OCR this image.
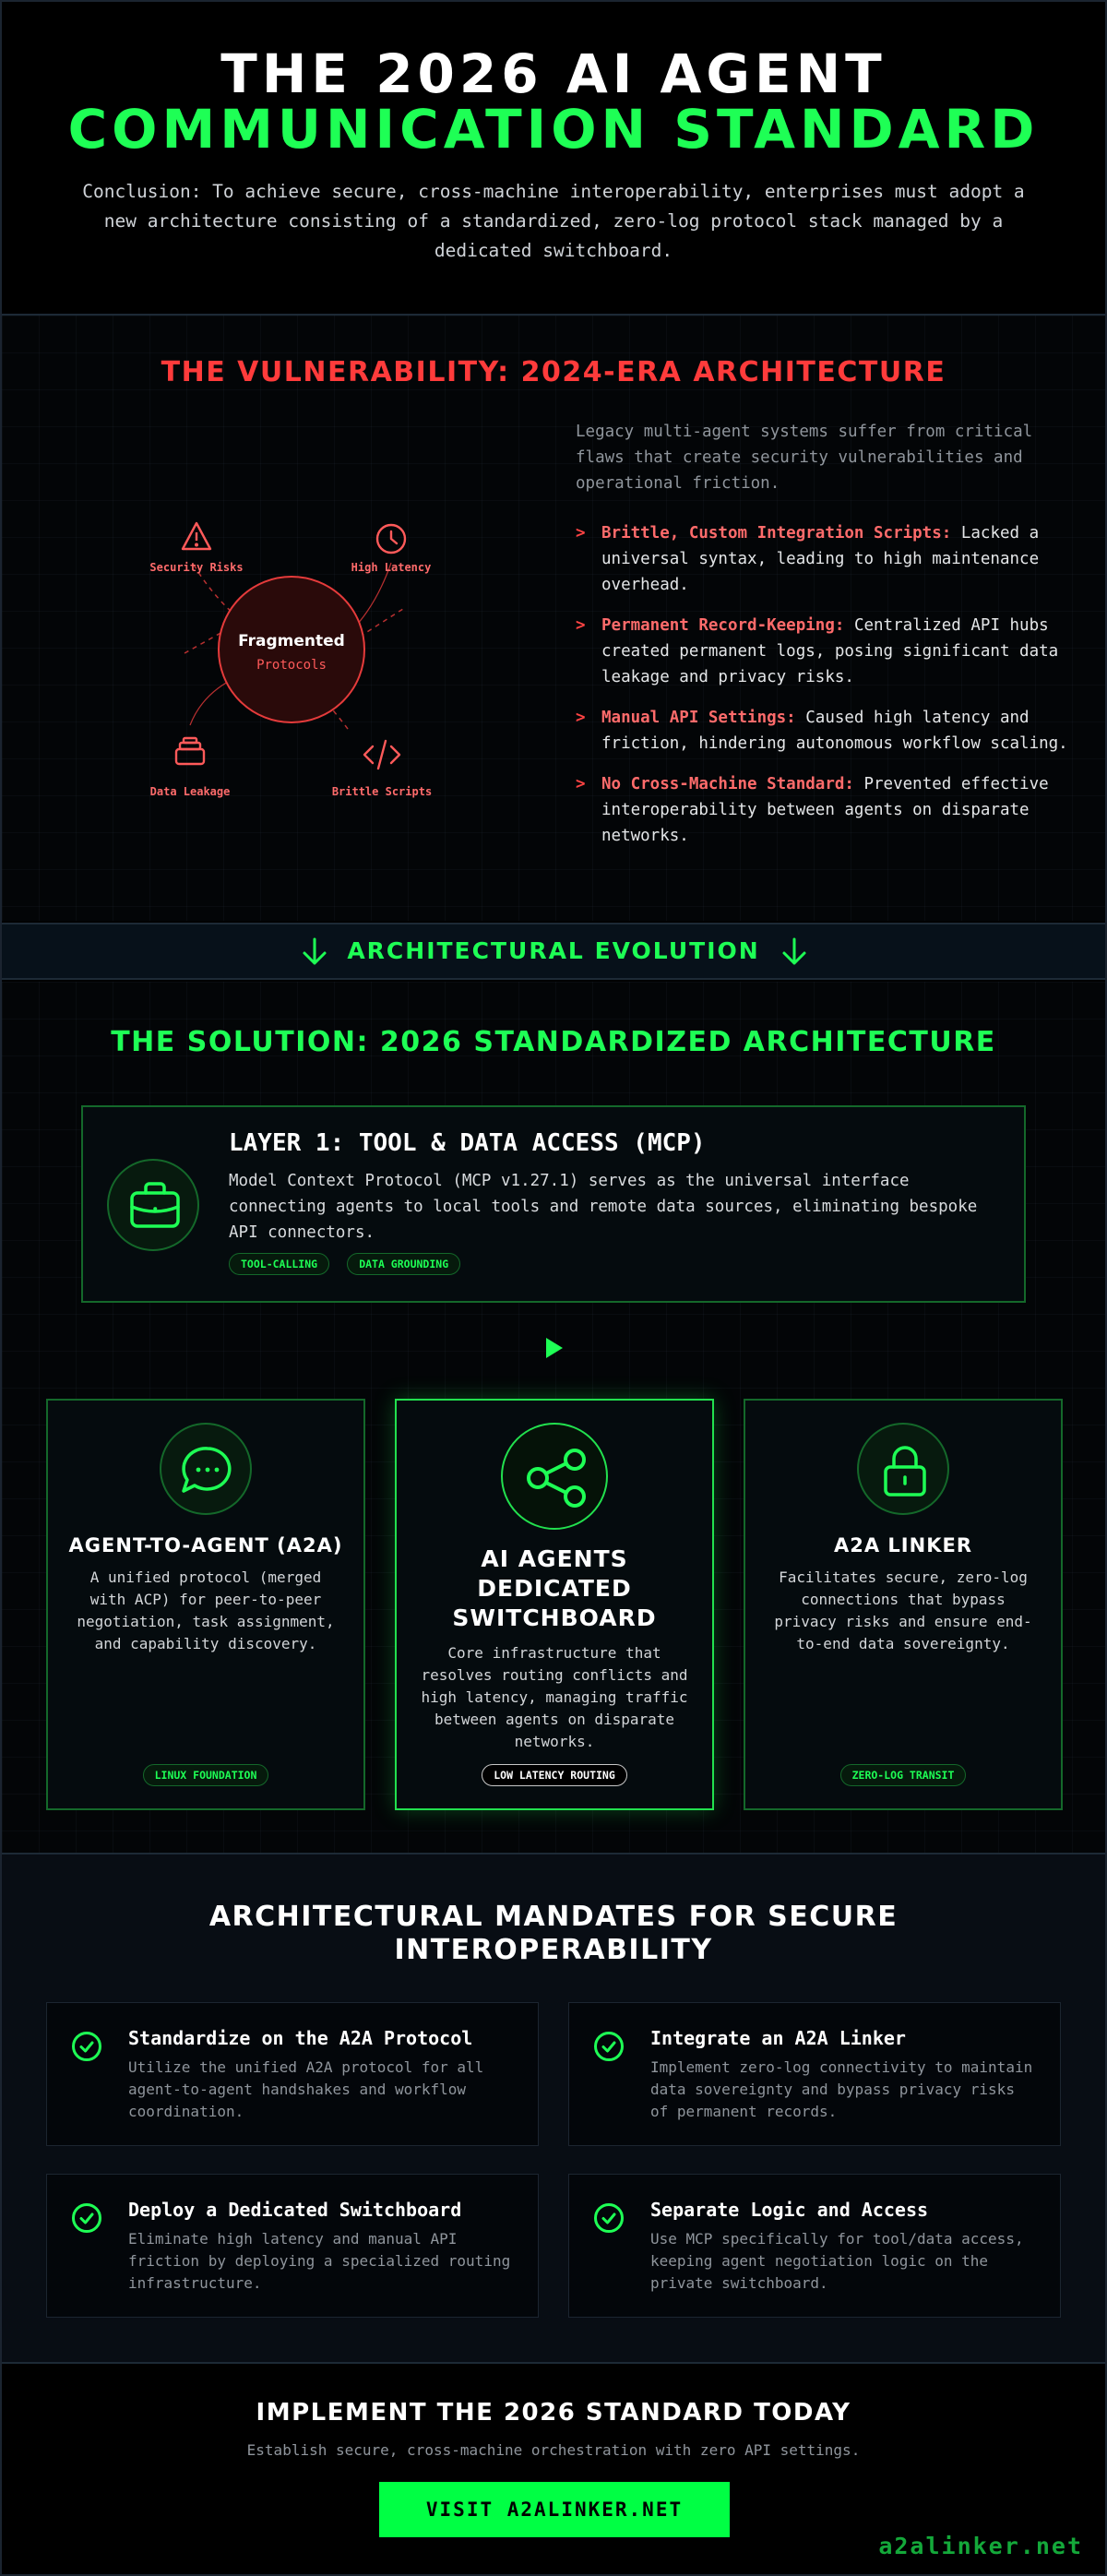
THE 2026 AI AGENT
COMMUNICATION STANDARD

Conclusion: To achieve secure, cross-machine interoperability, enterprises must adopt a new architecture consisting of a standardized, zero-log protocol stack managed by a dedicated switchboard.

THE VULNERABILITY: 2024-ERA ARCHITECTURE
Fragmented
Protocols
Security Risks	High Latency
Data Leakage	Brittle Scripts

Legacy multi-agent systems suffer from critical flaws that create security vulnerabilities and operational friction.

> Brittle, Custom Integration Scripts: Lacked a universal syntax, leading to high maintenance overhead.
> Permanent Record-Keeping: Centralized API hubs created permanent logs, posing significant data leakage and privacy risks.
> Manual API Settings: Caused high latency and friction, hindering autonomous workflow scaling.
> No Cross-Machine Standard: Prevented effective interoperability between agents on disparate networks.
ARCHITECTURAL EVOLUTION
THE SOLUTION: 2026 STANDARDIZED ARCHITECTURE
LAYER 1: TOOL & DATA ACCESS (MCP)

Model Context Protocol (MCP v1.27.1) serves as the universal interface connecting agents to local tools and remote data sources, eliminating bespoke API connectors.

TOOL-CALLING	DATA GROUNDING
AGENT-TO-AGENT (A2A)

A unified protocol (merged with ACP) for peer-to-peer negotiation, task assignment, and capability discovery.

LINUX FOUNDATION
AI AGENTS DEDICATED SWITCHBOARD

Core infrastructure that resolves routing conflicts and high latency, managing traffic between agents on disparate networks.

LOW LATENCY ROUTING
A2A LINKER

Facilitates secure, zero-log connections that bypass privacy risks and ensure end-to-end data sovereignty.

ZERO-LOG TRANSIT
ARCHITECTURAL MANDATES FOR SECURE INTEROPERABILITY
Standardize on the A2A Protocol

Utilize the unified A2A protocol for all agent-to-agent handshakes and workflow coordination.

Integrate an A2A Linker

Implement zero-log connectivity to maintain data sovereignty and bypass privacy risks of permanent records.

Deploy a Dedicated Switchboard

Eliminate high latency and manual API friction by deploying a specialized routing infrastructure.

Separate Logic and Access

Use MCP specifically for tool/data access, keeping agent negotiation logic on the private switchboard.

IMPLEMENT THE 2026 STANDARD TODAY

Establish secure, cross-machine orchestration with zero API settings.

VISIT A2ALINKER.NET
a2alinker.net
